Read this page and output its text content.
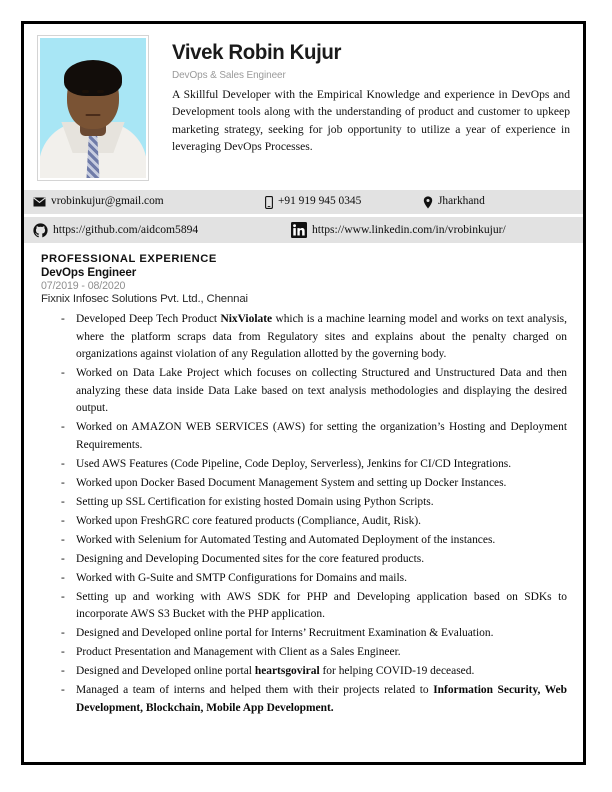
Vivek Robin Kujur
DevOps & Sales Engineer
A Skillful Developer with the Empirical Knowledge and experience in DevOps and Development tools along with the understanding of product and customer to upkeep marketing strategy, seeking for job opportunity to utilize a year of experience in leveraging DevOps Processes.
vrobinkujur@gmail.com	+91 919 945 0345	Jharkhand
https://github.com/aidcom5894	https://www.linkedin.com/in/vrobinkujur/
PROFESSIONAL EXPERIENCE
DevOps Engineer
07/2019 - 08/2020
Fixnix Infosec Solutions Pvt. Ltd., Chennai
- Developed Deep Tech Product NixViolate which is a machine learning model and works on text analysis, where the platform scraps data from Regulatory sites and explains about the penalty charged on organizations against violation of any Regulation allotted by the governing body.
- Worked on Data Lake Project which focuses on collecting Structured and Unstructured Data and then analyzing these data inside Data Lake based on text analysis methodologies and displaying the desired output.
- Worked on AMAZON WEB SERVICES (AWS) for setting the organization’s Hosting and Deployment Requirements.
- Used AWS Features (Code Pipeline, Code Deploy, Serverless), Jenkins for CI/CD Integrations.
- Worked upon Docker Based Document Management System and setting up Docker Instances.
- Setting up SSL Certification for existing hosted Domain using Python Scripts.
- Worked upon FreshGRC core featured products (Compliance, Audit, Risk).
- Worked with Selenium for Automated Testing and Automated Deployment of the instances.
- Designing and Developing Documented sites for the core featured products.
- Worked with G-Suite and SMTP Configurations for Domains and mails.
- Setting up and working with AWS SDK for PHP and Developing application based on SDKs to incorporate AWS S3 Bucket with the PHP application.
- Designed and Developed online portal for Interns’ Recruitment Examination & Evaluation.
- Product Presentation and Management with Client as a Sales Engineer.
- Designed and Developed online portal heartsgoviral for helping COVID-19 deceased.
- Managed a team of interns and helped them with their projects related to Information Security, Web Development, Blockchain, Mobile App Development.
